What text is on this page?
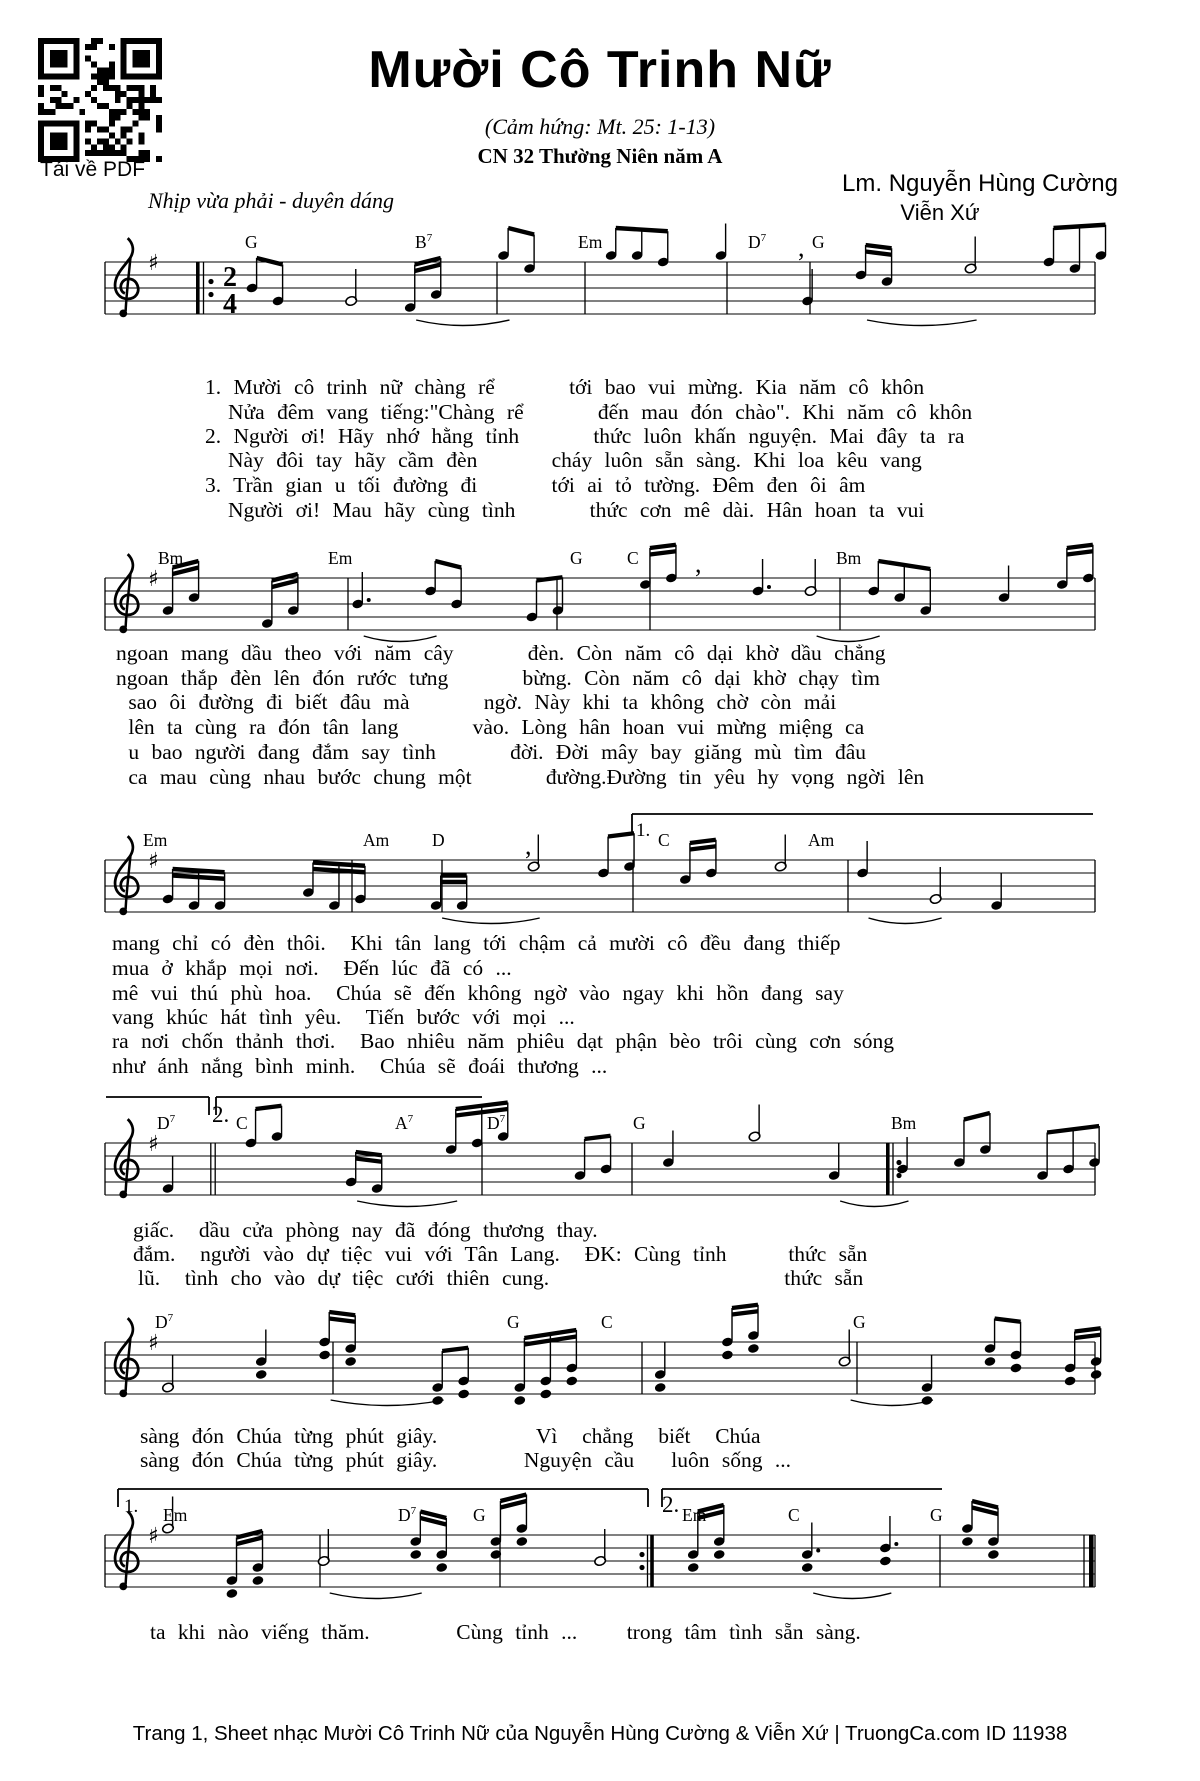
Tải về PDF
Mười Cô Trinh Nữ
(Cảm hứng: Mt. 25: 1-13)
CN 32 Thường Niên năm A
Lm. Nguyễn Hùng Cường
Viễn Xứ
Nhịp vừa phải - duyên dáng
♯ 2
4
,
♯
,
♯
,
♯
♯
♯
G	$B^7$	Em	$D^7$	G
Bm	Em	G	C	Bm
Em	Am D	C	Am
1.
$D^7$	C	$A^7$	$D^7$	G	Bm
2.
$D^7$	G	C	G
Em	$D^7$	G	Em	C	G
1.	2.
1. Mười cô trinh nữ chàng rể      tới bao vui mừng. Kia năm cô khôn
Nửa đêm vang tiếng:"Chàng rể      đến mau đón chào". Khi năm cô khôn
2. Người ơi! Hãy nhớ hằng tỉnh      thức luôn khấn nguyện. Mai đây ta ra
Này đôi tay hãy cầm đèn      cháy luôn sẵn sàng. Khi loa kêu vang
3. Trần gian u tối đường đi      tới ai tỏ tường. Đêm đen ôi âm
Người ơi! Mau hãy cùng tình      thức cơn mê dài. Hân hoan ta vui
ngoan mang dầu theo với năm cây      đèn. Còn năm cô dại khờ dầu chẳng
ngoan thắp đèn lên đón rước tưng      bừng. Còn năm cô dại khờ chạy tìm
sao ôi đường đi biết đâu mà      ngờ. Này khi ta không chờ còn mải
lên ta cùng ra đón tân lang      vào. Lòng hân hoan vui mừng miệng ca
u bao người đang đắm say tình      đời. Đời mây bay giăng mù tìm đâu
ca mau cùng nhau bước chung một      đường.Đường tin yêu hy vọng ngời lên
mang chỉ có đèn thôi.  Khi tân lang tới chậm cả mười cô đều đang thiếp
mua ở khắp mọi nơi.  Đến lúc đã có ...
mê vui thú phù hoa.  Chúa sẽ đến không ngờ vào ngay khi hồn đang say
vang khúc hát tình yêu.  Tiến bước với mọi ...
ra nơi chốn thảnh thơi.  Bao nhiêu năm phiêu dạt phận bèo trôi cùng cơn sóng
như ánh nắng bình minh.  Chúa sẽ đoái thương ...
giấc.  dầu cửa phòng nay đã đóng thương thay.
đắm.  người vào dự tiệc vui với Tân Lang.  ĐK: Cùng tỉnh     thức sẵn
lũ.  tình cho vào dự tiệc cưới thiên cung.                   thức sẵn
sàng đón Chúa từng phút giây.        Vì  chẳng  biết  Chúa
sàng đón Chúa từng phút giây.       Nguyện cầu   luôn sống ...
ta khi nào viếng thăm.       Cùng tỉnh ...    trong tâm tình sẵn sàng.
Trang 1, Sheet nhạc Mười Cô Trinh Nữ của Nguyễn Hùng Cường & Viễn Xứ | TruongCa.com ID 11938
